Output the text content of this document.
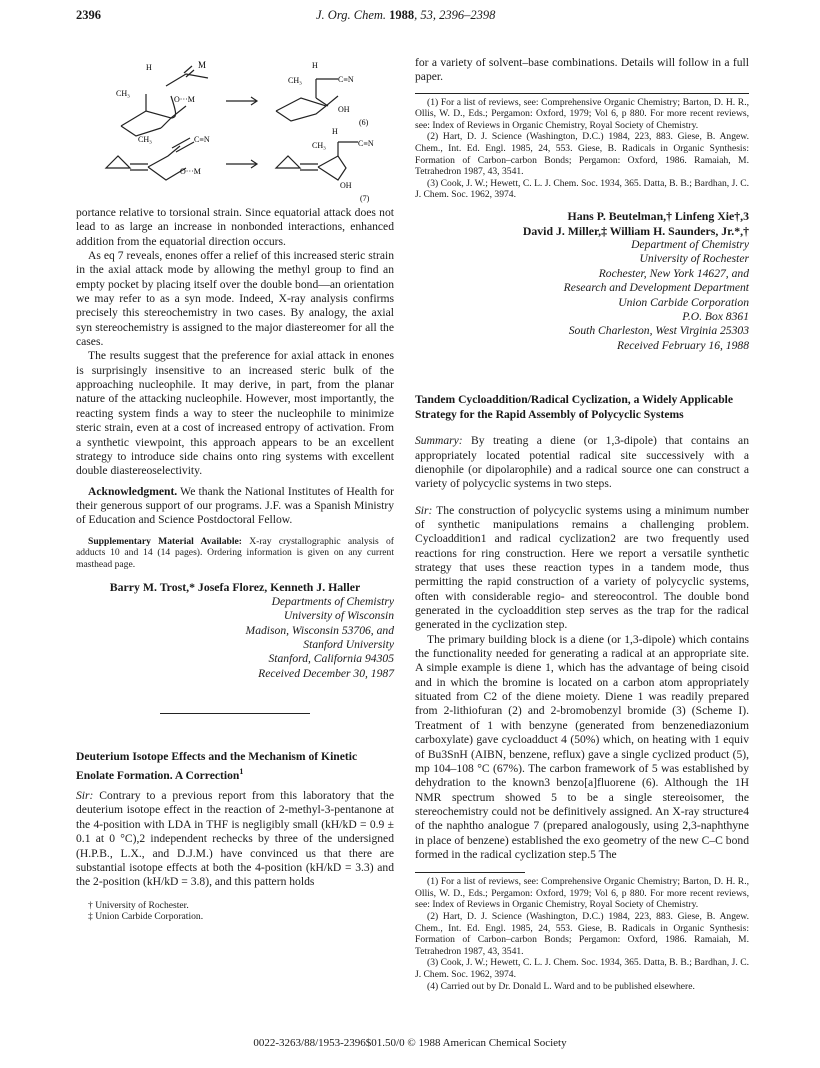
2396	J. Org. Chem. 1988, 53, 2396–2398
H	M
CH₃
O···M
H
CH₃	C≡N
OH
(6)
CH₃	C≡N
O···M
H
CH₃	C≡N
OH
(7)

portance relative to torsional strain. Since equatorial attack does not lead to as large an increase in nonbonded interactions, enhanced addition from the equatorial direction occurs.

As eq 7 reveals, enones offer a relief of this increased steric strain in the axial attack mode by allowing the methyl group to find an empty pocket by placing itself over the double bond—an orientation we may refer to as a syn mode. Indeed, X-ray analysis confirms precisely this stereochemistry in two cases. By analogy, the axial syn stereochemistry is assigned to the major diastereomer for all the cases.

The results suggest that the preference for axial attack in enones is surprisingly insensitive to an increased steric bulk of the approaching nucleophile. It may derive, in part, from the planar nature of the attacking nucleophile. However, most importantly, the reacting system finds a way to steer the nucleophile to minimize steric strain, even at a cost of increased entropy of activation. From a synthetic viewpoint, this approach appears to be an excellent strategy to introduce side chains onto ring systems with excellent double diastereoselectivity.

Acknowledgment. We thank the National Institutes of Health for their generous support of our programs. J.F. was a Spanish Ministry of Education and Science Postdoctoral Fellow.

Supplementary Material Available: X-ray crystallographic analysis of adducts 10 and 14 (14 pages). Ordering information is given on any current masthead page.

Barry M. Trost,* Josefa Florez, Kenneth J. Haller

Departments of Chemistry
University of Wisconsin
Madison, Wisconsin 53706, and
Stanford University
Stanford, California 94305
Received December 30, 1987

Deuterium Isotope Effects and the Mechanism of Kinetic Enolate Formation. A Correction$^1$

Sir: Contrary to a previous report from this laboratory that the deuterium isotope effect in the reaction of 2-methyl-3-pentanone at the 4-position with LDA in THF is negligibly small (kH/kD = 0.9 ± 0.1 at 0 °C),2 independent rechecks by three of the undersigned (H.P.B., L.X., and D.J.M.) have convinced us that there are substantial isotope effects at both the 4-position (kH/kD = 3.3) and the 2-position (kH/kD = 3.8), and this pattern holds

† University of Rochester.
‡ Union Carbide Corporation.

for a variety of solvent–base combinations. Details will follow in a full paper.

(1) For a list of reviews, see: Comprehensive Organic Chemistry; Barton, D. H. R., Ollis, W. D., Eds.; Pergamon: Oxford, 1979; Vol 6, p 880. For more recent reviews, see: Index of Reviews in Organic Chemistry, Royal Society of Chemistry.

(2) Hart, D. J. Science (Washington, D.C.) 1984, 223, 883. Giese, B. Angew. Chem., Int. Ed. Engl. 1985, 24, 553. Giese, B. Radicals in Organic Synthesis: Formation of Carbon–carbon Bonds; Pergamon: Oxford, 1986. Ramaiah, M. Tetrahedron 1987, 43, 3541.

(3) Cook, J. W.; Hewett, C. L. J. Chem. Soc. 1934, 365. Datta, B. B.; Bardhan, J. C. J. Chem. Soc. 1962, 3974.

Hans P. Beutelman,† Linfeng Xie†,3

David J. Miller,‡ William H. Saunders, Jr.*,†

Department of Chemistry
University of Rochester
Rochester, New York 14627, and
Research and Development Department
Union Carbide Corporation
P.O. Box 8361
South Charleston, West Virginia 25303
Received February 16, 1988

Tandem Cycloaddition/Radical Cyclization, a Widely Applicable Strategy for the Rapid Assembly of Polycyclic Systems

Summary: By treating a diene (or 1,3-dipole) that contains an appropriately located potential radical site successively with a dienophile (or dipolarophile) and a radical source one can construct a variety of polycyclic systems in two steps.

Sir: The construction of polycyclic systems using a minimum number of synthetic manipulations remains a challenging problem. Cycloaddition1 and radical cyclization2 are two frequently used reactions for ring construction. Here we report a versatile synthetic strategy that uses these reaction types in a tandem mode, thus permitting the rapid construction of a variety of polycyclic systems, often with considerable regio- and stereocontrol. The double bond generated in the cycloaddition step serves as the trap for the radical generated in the cyclization step.

The primary building block is a diene (or 1,3-dipole) which contains the functionality needed for generating a radical at an appropriate site. A simple example is diene 1, which has the advantage of being cisoid and in which the bromine is located on a carbon atom appropriately situated from C2 of the diene moiety. Diene 1 was readily prepared from 2-lithiofuran (2) and 2-bromobenzyl bromide (3) (Scheme I). Treatment of 1 with benzyne (generated from benzenediazonium carboxylate) gave cycloadduct 4 (50%) which, on heating with 1 equiv of Bu3SnH (AIBN, benzene, reflux) gave a single cyclized product (5), mp 104–108 °C (67%). The carbon framework of 5 was established by dehydration to the known3 benzo[a]fluorene (6). Although the 1H NMR spectrum showed 5 to be a single stereoisomer, the stereochemistry could not be definitively assigned. An X-ray structure4 of the naphtho analogue 7 (prepared analogously, using 2,3-naphthyne in place of benzene) established the exo geometry of the new C–C bond formed in the radical cyclization step.5 The

(1) For a list of reviews, see: Comprehensive Organic Chemistry; Barton, D. H. R., Ollis, W. D., Eds.; Pergamon: Oxford, 1979; Vol 6, p 880. For more recent reviews, see: Index of Reviews in Organic Chemistry, Royal Society of Chemistry.

(2) Hart, D. J. Science (Washington, D.C.) 1984, 223, 883. Giese, B. Angew. Chem., Int. Ed. Engl. 1985, 24, 553. Giese, B. Radicals in Organic Synthesis: Formation of Carbon–carbon Bonds; Pergamon: Oxford, 1986. Ramaiah, M. Tetrahedron 1987, 43, 3541.

(3) Cook, J. W.; Hewett, C. L. J. Chem. Soc. 1934, 365. Datta, B. B.; Bardhan, J. C. J. Chem. Soc. 1962, 3974.

(4) Carried out by Dr. Donald L. Ward and to be published elsewhere.

0022-3263/88/1953-2396$01.50/0 © 1988 American Chemical Society
